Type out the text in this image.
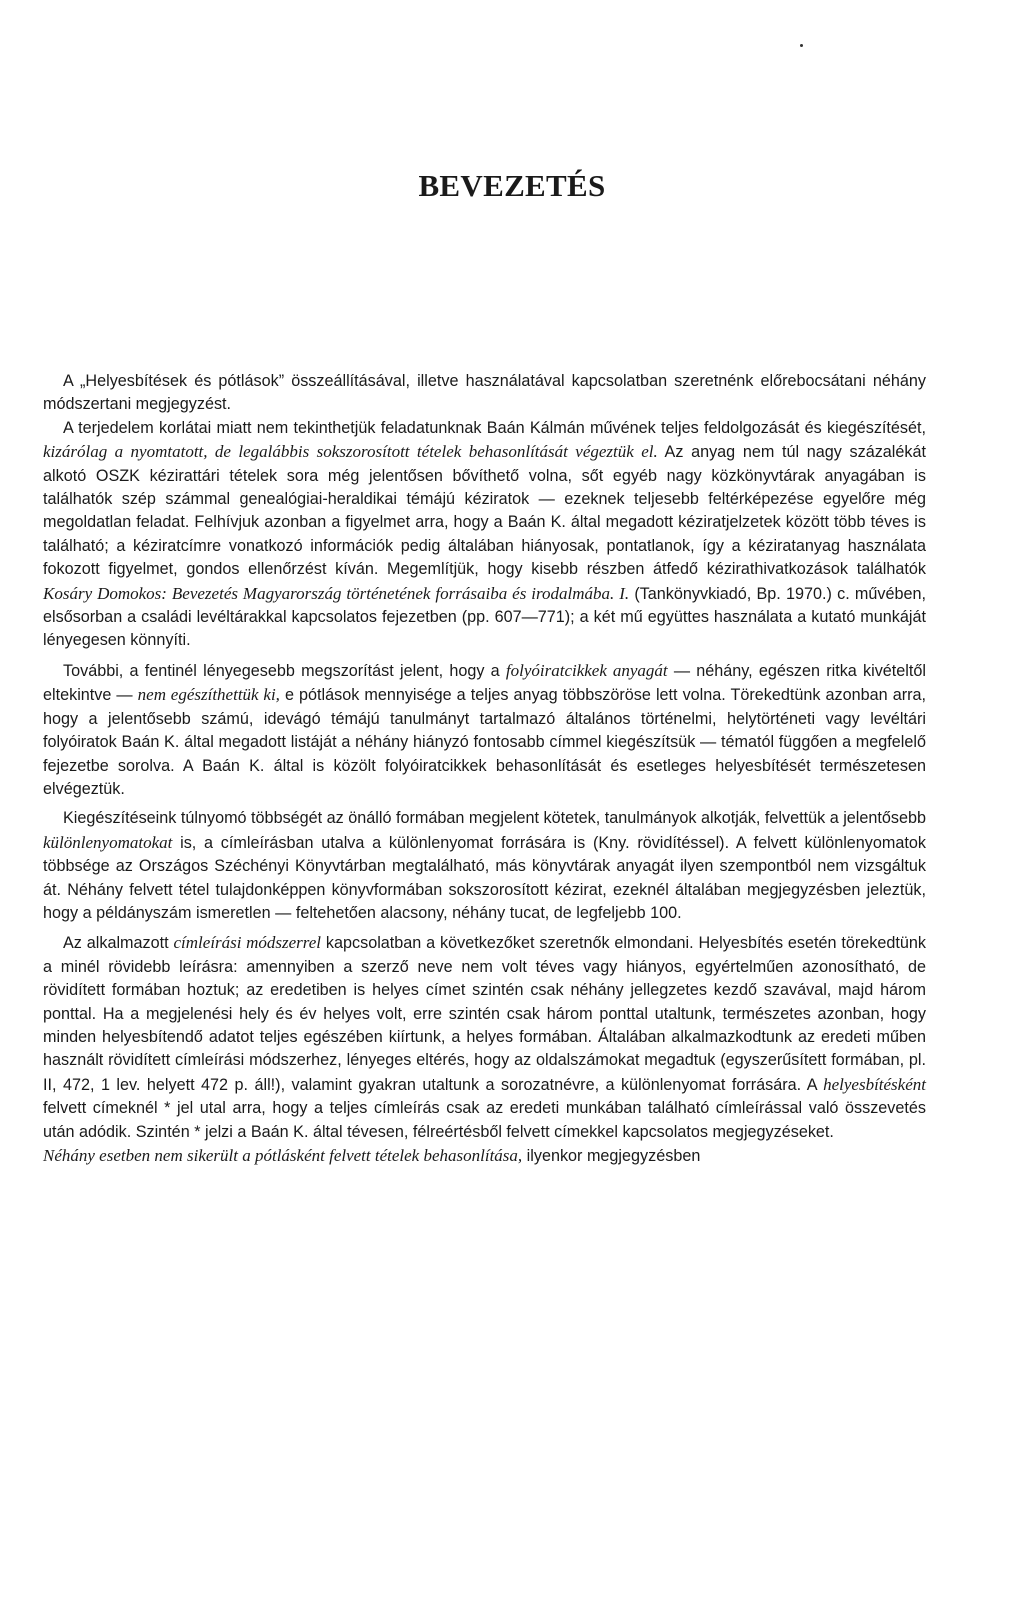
BEVEZETÉS

A „Helyesbítések és pótlások” összeállításával, illetve használatával kapcsolatban szeretnénk előrebocsátani néhány módszertani megjegyzést.

A terjedelem korlátai miatt nem tekinthetjük feladatunknak Baán Kálmán művének teljes feldolgozását és kiegészítését, kizárólag a nyomtatott, de legalábbis sokszorosított tételek behasonlítását végeztük el. Az anyag nem túl nagy százalékát alkotó OSZK kézirattári tételek sora még jelentősen bővíthető volna, sőt egyéb nagy közkönyvtárak anyagában is találhatók szép számmal genealógiai-heraldikai témájú kéziratok — ezeknek teljesebb feltérképezése egyelőre még megoldatlan feladat. Felhívjuk azonban a figyelmet arra, hogy a Baán K. által megadott kéziratjelzetek között több téves is található; a kéziratcímre vonatkozó információk pedig általában hiányosak, pontatlanok, így a kéziratanyag használata fokozott figyelmet, gondos ellenőrzést kíván. Megemlítjük, hogy kisebb részben átfedő kézirathivatkozások találhatók Kosáry Domokos: Bevezetés Magyarország történetének forrásaiba és irodalmába. I. (Tankönyvkiadó, Bp. 1970.) c. művében, elsősorban a családi levéltárakkal kapcsolatos fejezetben (pp. 607—771); a két mű együttes használata a kutató munkáját lényegesen könnyíti.

További, a fentinél lényegesebb megszorítást jelent, hogy a folyóiratcikkek anyagát — néhány, egészen ritka kivételtől eltekintve — nem egészíthettük ki, e pótlások mennyisége a teljes anyag többszöröse lett volna. Törekedtünk azonban arra, hogy a jelentősebb számú, idevágó témájú tanulmányt tartalmazó általános történelmi, helytörténeti vagy levéltári folyóiratok Baán K. által megadott listáját a néhány hiányzó fontosabb címmel kiegészítsük — tématól függően a megfelelő fejezetbe sorolva. A Baán K. által is közölt folyóiratcikkek behasonlítását és esetleges helyesbítését természetesen elvégeztük.

Kiegészítéseink túlnyomó többségét az önálló formában megjelent kötetek, tanulmányok alkotják, felvettük a jelentősebb különlenyomatokat is, a címleírásban utalva a különlenyomat forrására is (Kny. rövidítéssel). A felvett különlenyomatok többsége az Országos Széchényi Könyvtárban megtalálható, más könyvtárak anyagát ilyen szempontból nem vizsgáltuk át. Néhány felvett tétel tulajdonképpen könyvformában sokszorosított kézirat, ezeknél általában megjegyzésben jeleztük, hogy a példányszám ismeretlen — feltehetően alacsony, néhány tucat, de legfeljebb 100.

Az alkalmazott címleírási módszerrel kapcsolatban a következőket szeretnők elmondani. Helyesbítés esetén törekedtünk a minél rövidebb leírásra: amennyiben a szerző neve nem volt téves vagy hiányos, egyértelműen azonosítható, de rövidített formában hoztuk; az eredetiben is helyes címet szintén csak néhány jellegzetes kezdő szavával, majd három ponttal. Ha a megjelenési hely és év helyes volt, erre szintén csak három ponttal utaltunk, természetes azonban, hogy minden helyesbítendő adatot teljes egészében kiírtunk, a helyes formában. Általában alkalmazkodtunk az eredeti műben használt rövidített címleírási módszerhez, lényeges eltérés, hogy az oldalszámokat megadtuk (egyszerűsített formában, pl. II, 472, 1 lev. helyett 472 p. áll!), valamint gyakran utaltunk a sorozatnévre, a különlenyomat forrására. A helyesbítésként felvett címeknél * jel utal arra, hogy a teljes címleírás csak az eredeti munkában található címleírással való összevetés után adódik. Szintén * jelzi a Baán K. által tévesen, félreértésből felvett címekkel kapcsolatos megjegyzéseket.

Néhány esetben nem sikerült a pótlásként felvett tételek behasonlítása, ilyenkor megjegyzésben
